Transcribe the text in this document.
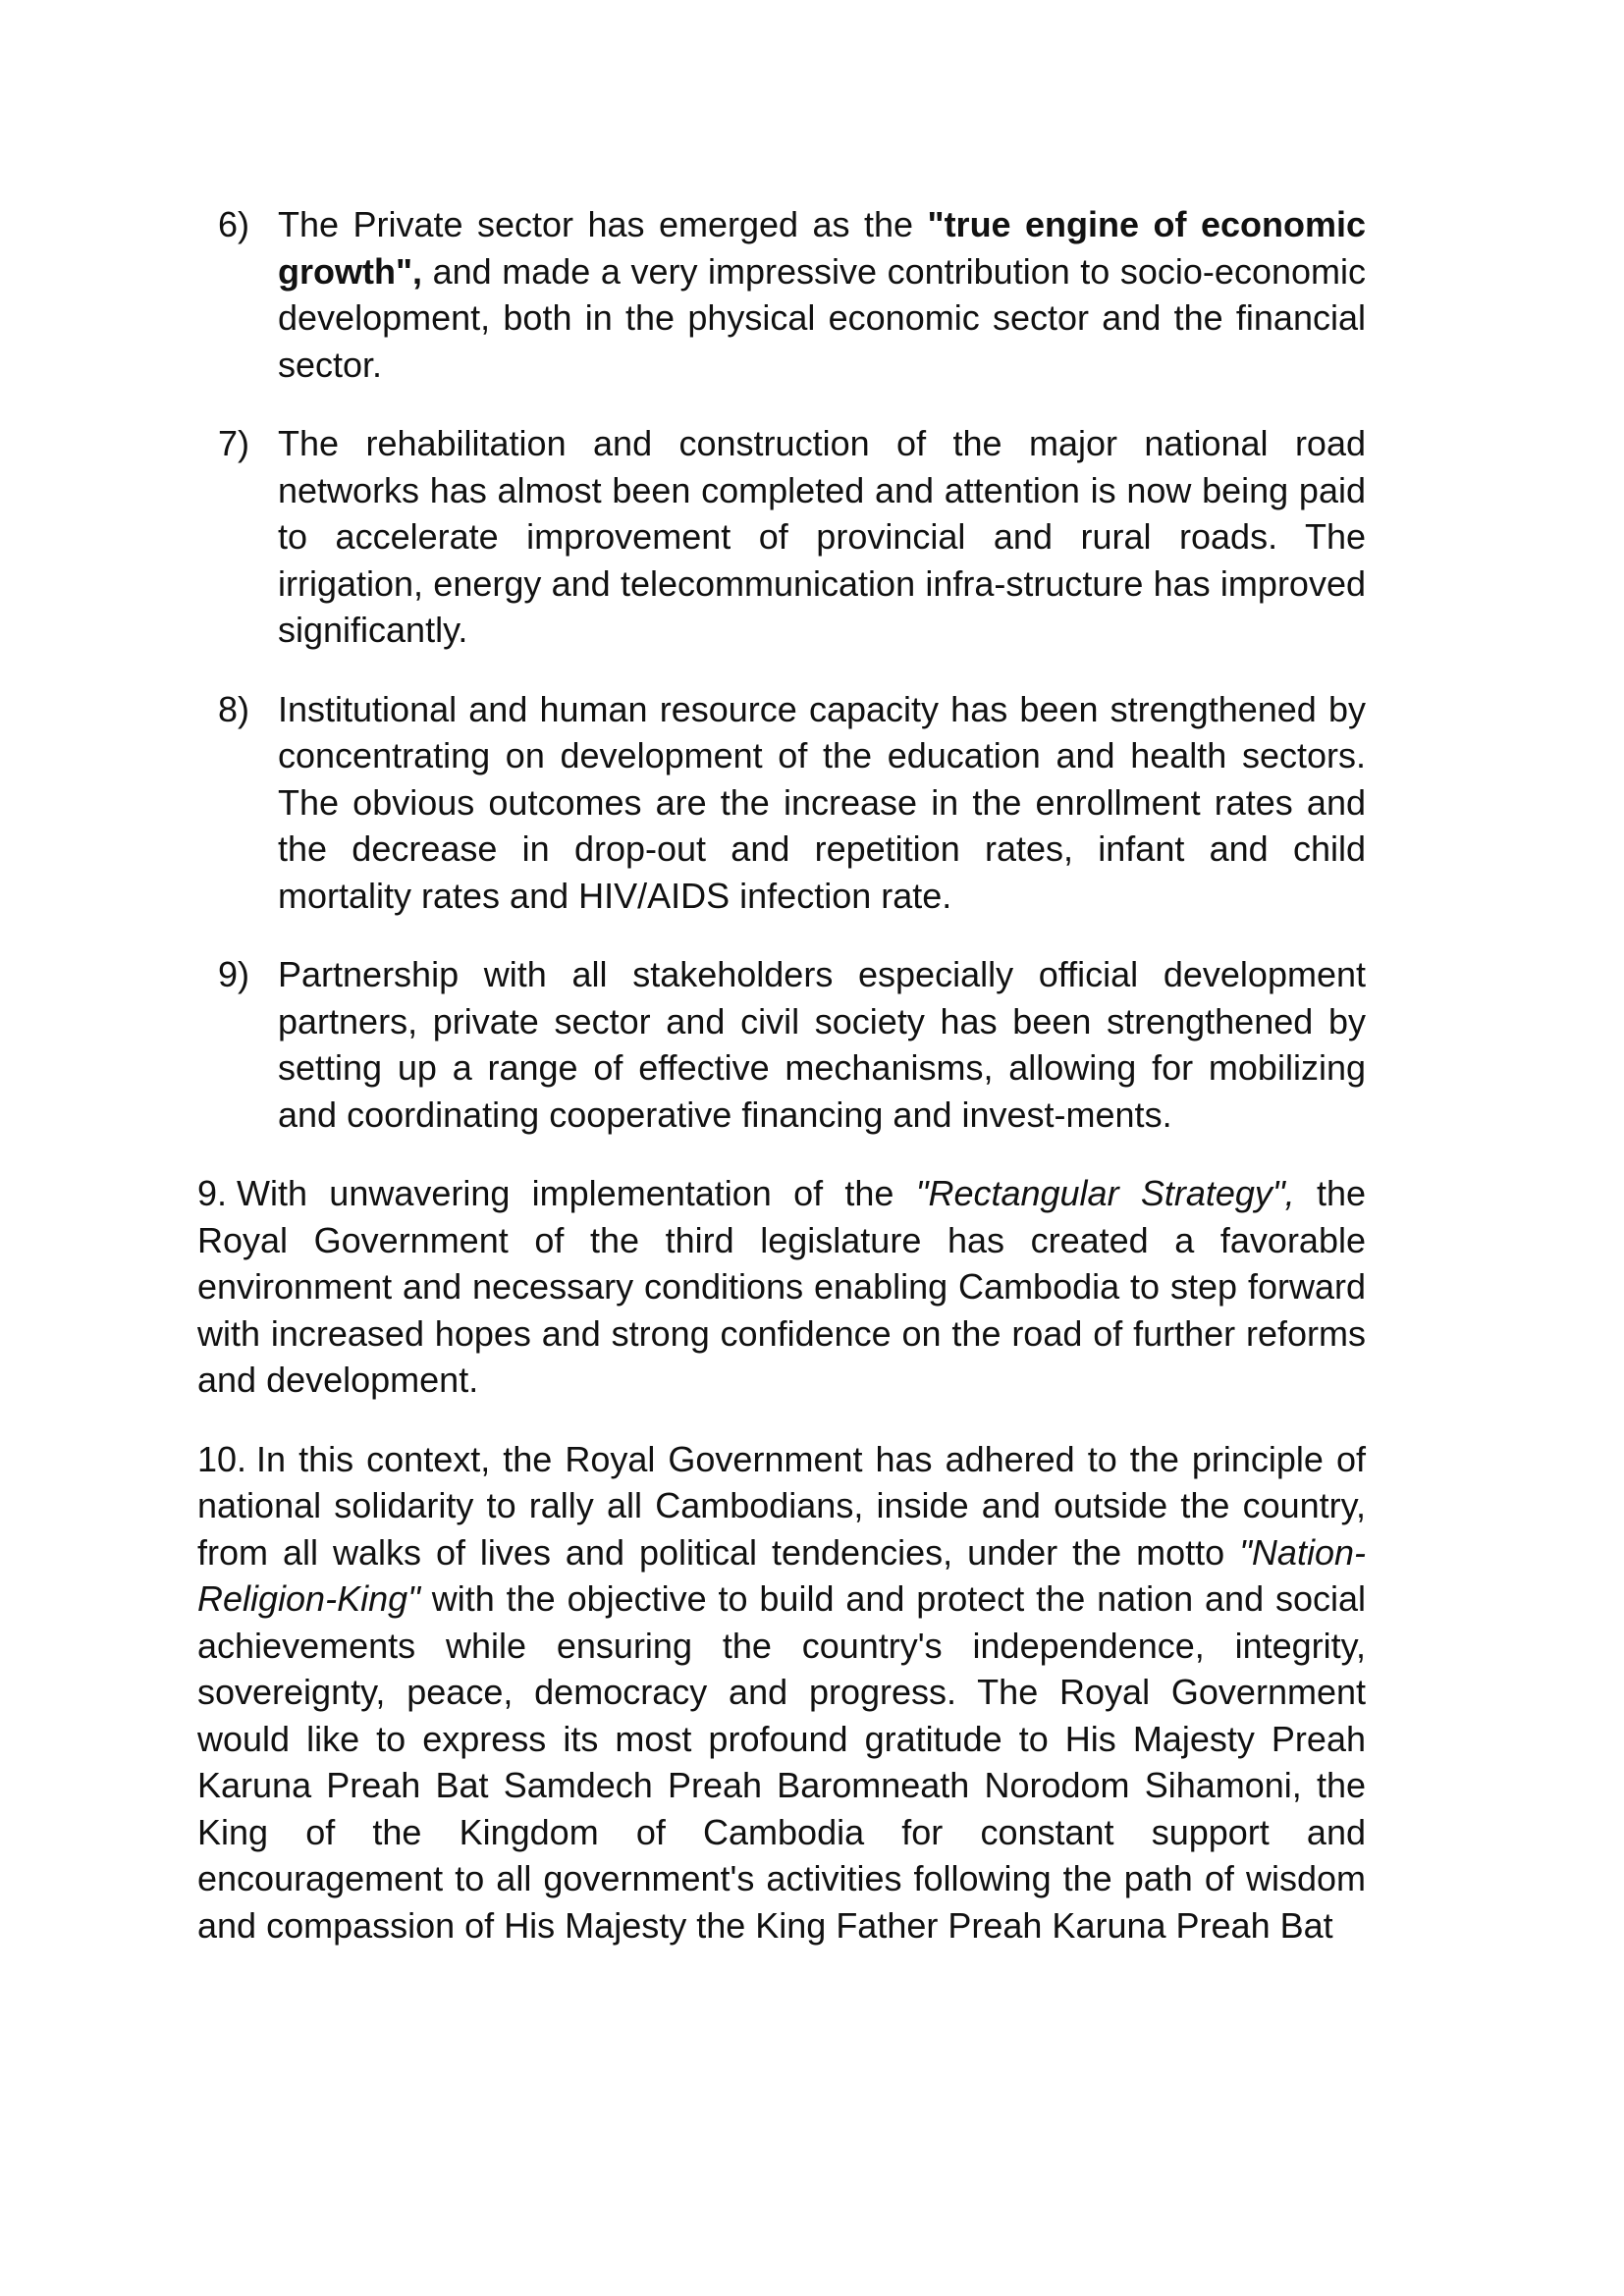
6) The Private sector has emerged as the "true engine of economic growth", and made a very impressive contribution to socio-economic development, both in the physical economic sector and the financial sector.
7) The rehabilitation and construction of the major national road networks has almost been completed and attention is now being paid to accelerate improvement of provincial and rural roads. The irrigation, energy and telecommunication infra-structure has improved significantly.
8) Institutional and human resource capacity has been strengthened by concentrating on development of the education and health sectors. The obvious outcomes are the increase in the enrollment rates and the decrease in drop-out and repetition rates, infant and child mortality rates and HIV/AIDS infection rate.
9) Partnership with all stakeholders especially official development partners, private sector and civil society has been strengthened by setting up a range of effective mechanisms, allowing for mobilizing and coordinating cooperative financing and invest-ments.

9. With unwavering implementation of the "Rectangular Strategy", the Royal Government of the third legislature has created a favorable environment and necessary conditions enabling Cambodia to step forward with increased hopes and strong confidence on the road of further reforms and development.

10. In this context, the Royal Government has adhered to the principle of national solidarity to rally all Cambodians, inside and outside the country, from all walks of lives and political tendencies, under the motto "Nation-Religion-King" with the objective to build and protect the nation and social achievements while ensuring the country's independence, integrity, sovereignty, peace, democracy and progress. The Royal Government would like to express its most profound gratitude to His Majesty Preah Karuna Preah Bat Samdech Preah Baromneath Norodom Sihamoni, the King of the Kingdom of Cambodia for constant support and encouragement to all government's activities following the path of wisdom and compassion of His Majesty the King Father Preah Karuna Preah Bat
